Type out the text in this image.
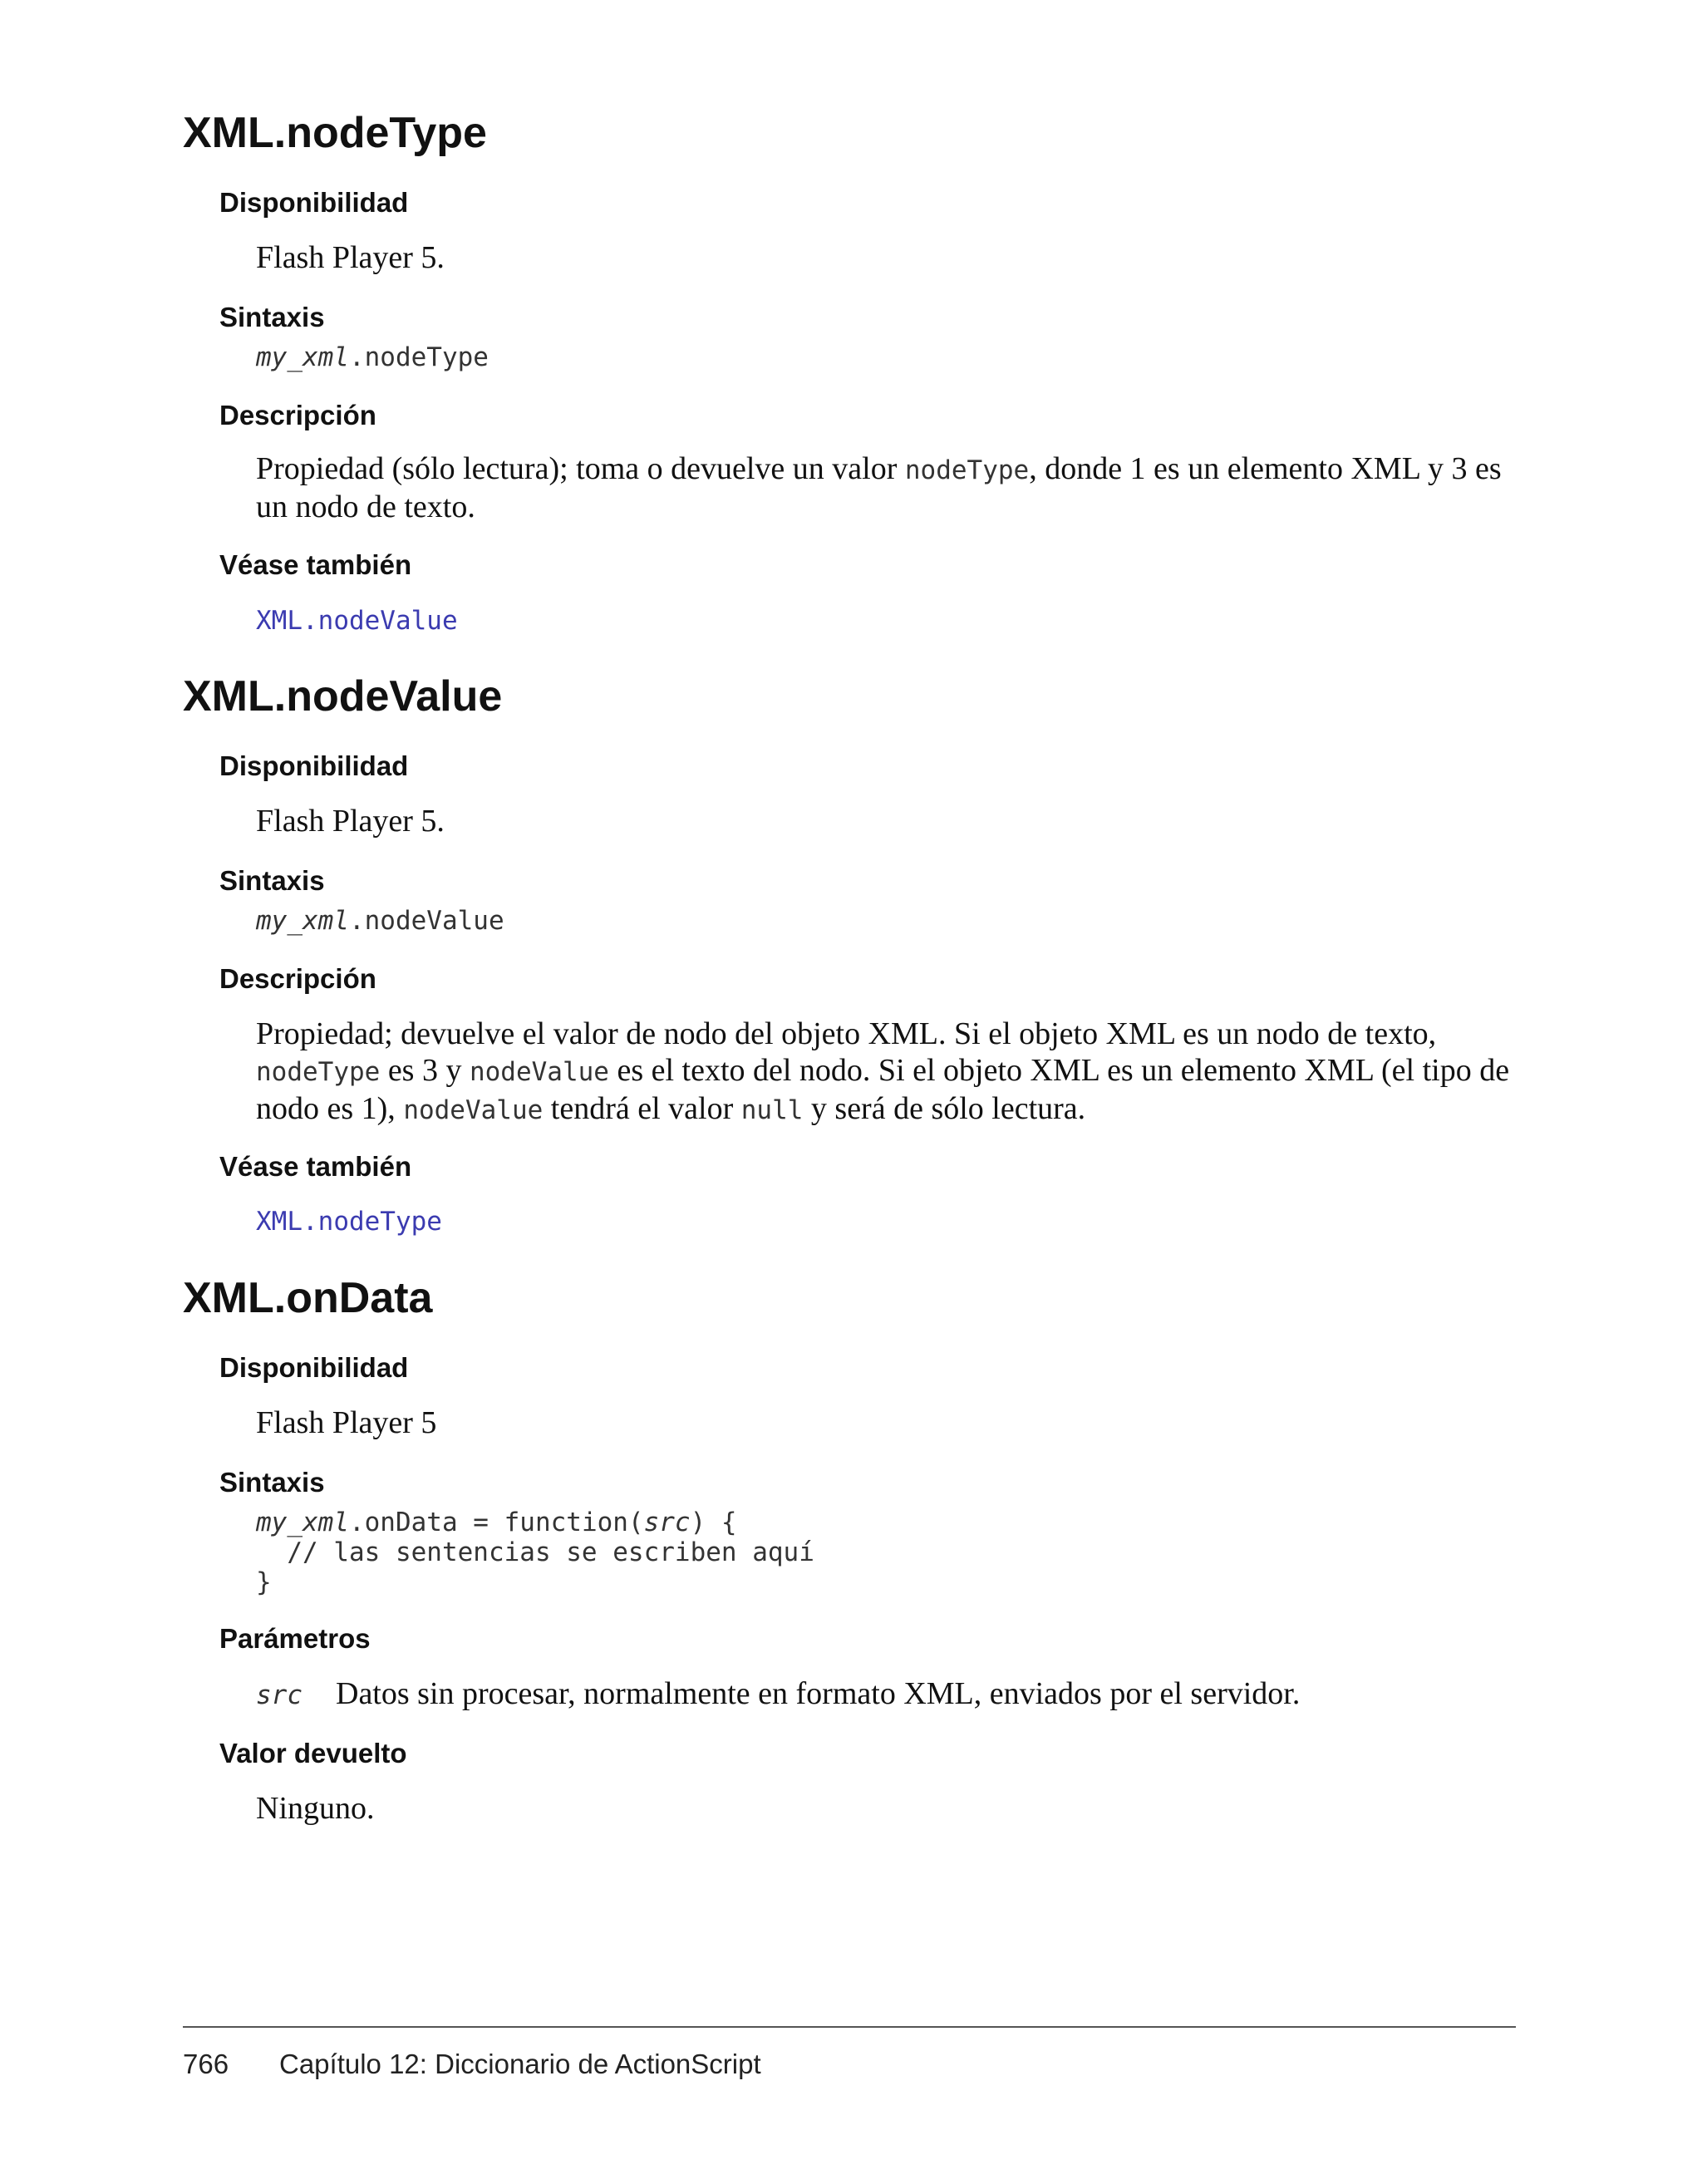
XML.nodeType
Disponibilidad

Flash Player 5.

Sintaxis
my_xml.nodeType
Descripción

Propiedad (sólo lectura); toma o devuelve un valor nodeType, donde 1 es un elemento XML y 3 es un nodo de texto.

Véase también
XML.nodeValue
XML.nodeValue
Disponibilidad

Flash Player 5.

Sintaxis
my_xml.nodeValue
Descripción

Propiedad; devuelve el valor de nodo del objeto XML. Si el objeto XML es un nodo de texto, nodeType es 3 y nodeValue es el texto del nodo. Si el objeto XML es un elemento XML (el tipo de nodo es 1), nodeValue tendrá el valor null y será de sólo lectura.

Véase también
XML.nodeType
XML.onData
Disponibilidad

Flash Player 5

Sintaxis
my_xml.onData = function(src) {
// las sentencias se escriben aquí
}
Parámetros

src Datos sin procesar, normalmente en formato XML, enviados por el servidor.

Valor devuelto

Ninguno.

766 Capítulo 12: Diccionario de ActionScript
